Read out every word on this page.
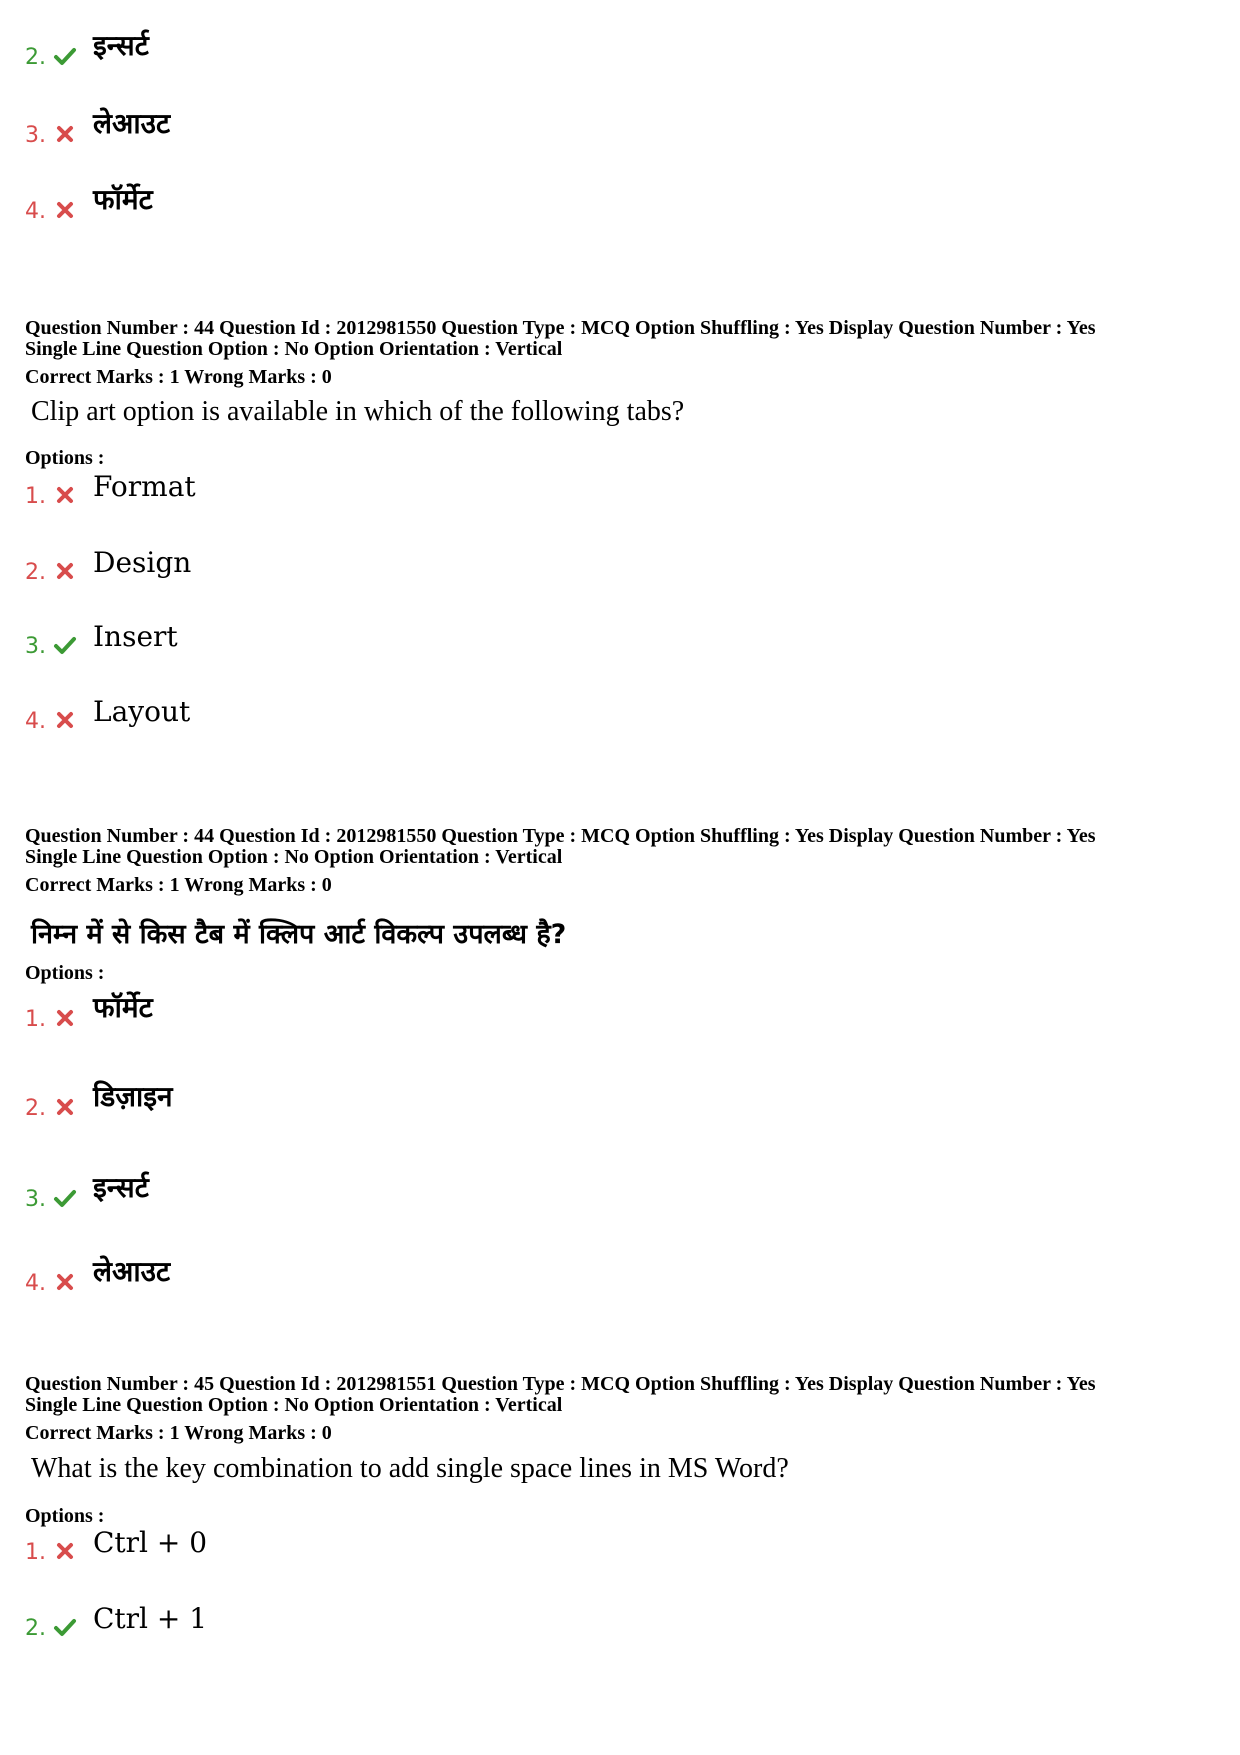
2. इन्सर्ट
3. लेआउट
4. फॉर्मेट
Question Number : 44 Question Id : 2012981550 Question Type : MCQ Option Shuffling : Yes Display Question Number : Yes
Single Line Question Option : No Option Orientation : Vertical
Correct Marks : 1 Wrong Marks : 0
Clip art option is available in which of the following tabs?
Options :
1. Format
2. Design
3. Insert
4. Layout
Question Number : 44 Question Id : 2012981550 Question Type : MCQ Option Shuffling : Yes Display Question Number : Yes
Single Line Question Option : No Option Orientation : Vertical
Correct Marks : 1 Wrong Marks : 0
निम्न में से किस टैब में क्लिप आर्ट विकल्प उपलब्ध है?
Options :
1. फॉर्मेट
2. डिज़ाइन
3. इन्सर्ट
4. लेआउट
Question Number : 45 Question Id : 2012981551 Question Type : MCQ Option Shuffling : Yes Display Question Number : Yes
Single Line Question Option : No Option Orientation : Vertical
Correct Marks : 1 Wrong Marks : 0
What is the key combination to add single space lines in MS Word?
Options :
1. Ctrl + 0
2. Ctrl + 1
